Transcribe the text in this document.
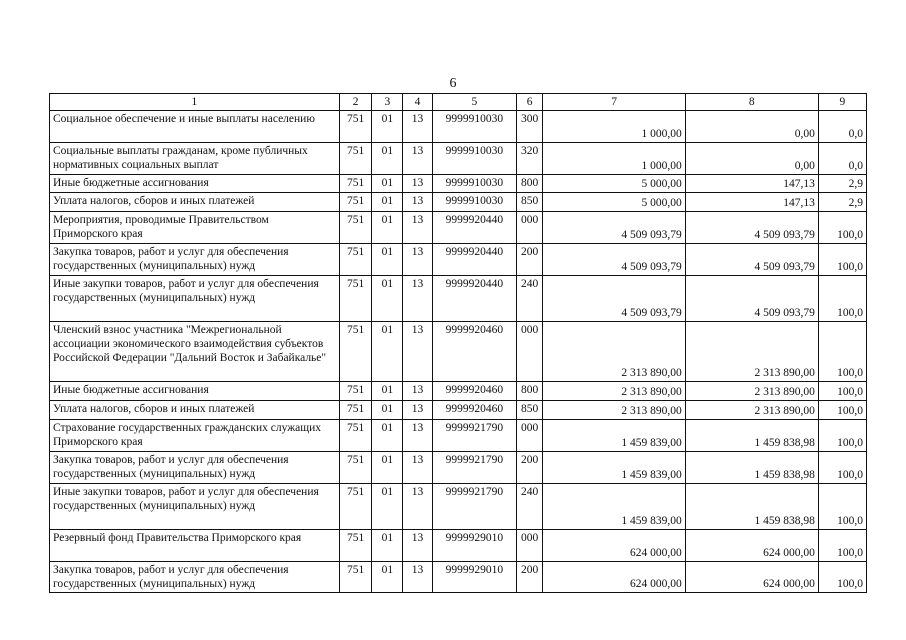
6
1	2	3	4	5	6	7	8	9
Социальное обеспечение и иные выплаты населению	751	01	13	9999910030	300	1 000,00	0,00	0,0
Социальные выплаты гражданам, кроме публичных нормативных социальных выплат	751	01	13	9999910030	320	1 000,00	0,00	0,0
Иные бюджетные ассигнования	751	01	13	9999910030	800	5 000,00	147,13	2,9
Уплата налогов, сборов и иных платежей	751	01	13	9999910030	850	5 000,00	147,13	2,9
Мероприятия, проводимые Правительством Приморского края	751	01	13	9999920440	000	4 509 093,79	4 509 093,79	100,0
Закупка товаров, работ и услуг для обеспечения государственных (муниципальных) нужд	751	01	13	9999920440	200	4 509 093,79	4 509 093,79	100,0
Иные закупки товаров, работ и услуг для обеспечения государственных (муниципальных) нужд	751	01	13	9999920440	240	4 509 093,79	4 509 093,79	100,0
Членский взнос участника "Межрегиональной ассоциации экономического взаимодействия субъектов Российской Федерации "Дальний Восток и Забайкалье"	751	01	13	9999920460	000	2 313 890,00	2 313 890,00	100,0
Иные бюджетные ассигнования	751	01	13	9999920460	800	2 313 890,00	2 313 890,00	100,0
Уплата налогов, сборов и иных платежей	751	01	13	9999920460	850	2 313 890,00	2 313 890,00	100,0
Страхование государственных гражданских служащих Приморского края	751	01	13	9999921790	000	1 459 839,00	1 459 838,98	100,0
Закупка товаров, работ и услуг для обеспечения государственных (муниципальных) нужд	751	01	13	9999921790	200	1 459 839,00	1 459 838,98	100,0
Иные закупки товаров, работ и услуг для обеспечения государственных (муниципальных) нужд	751	01	13	9999921790	240	1 459 839,00	1 459 838,98	100,0
Резервный фонд Правительства Приморского края	751	01	13	9999929010	000	624 000,00	624 000,00	100,0
Закупка товаров, работ и услуг для обеспечения государственных (муниципальных) нужд	751	01	13	9999929010	200	624 000,00	624 000,00	100,0
